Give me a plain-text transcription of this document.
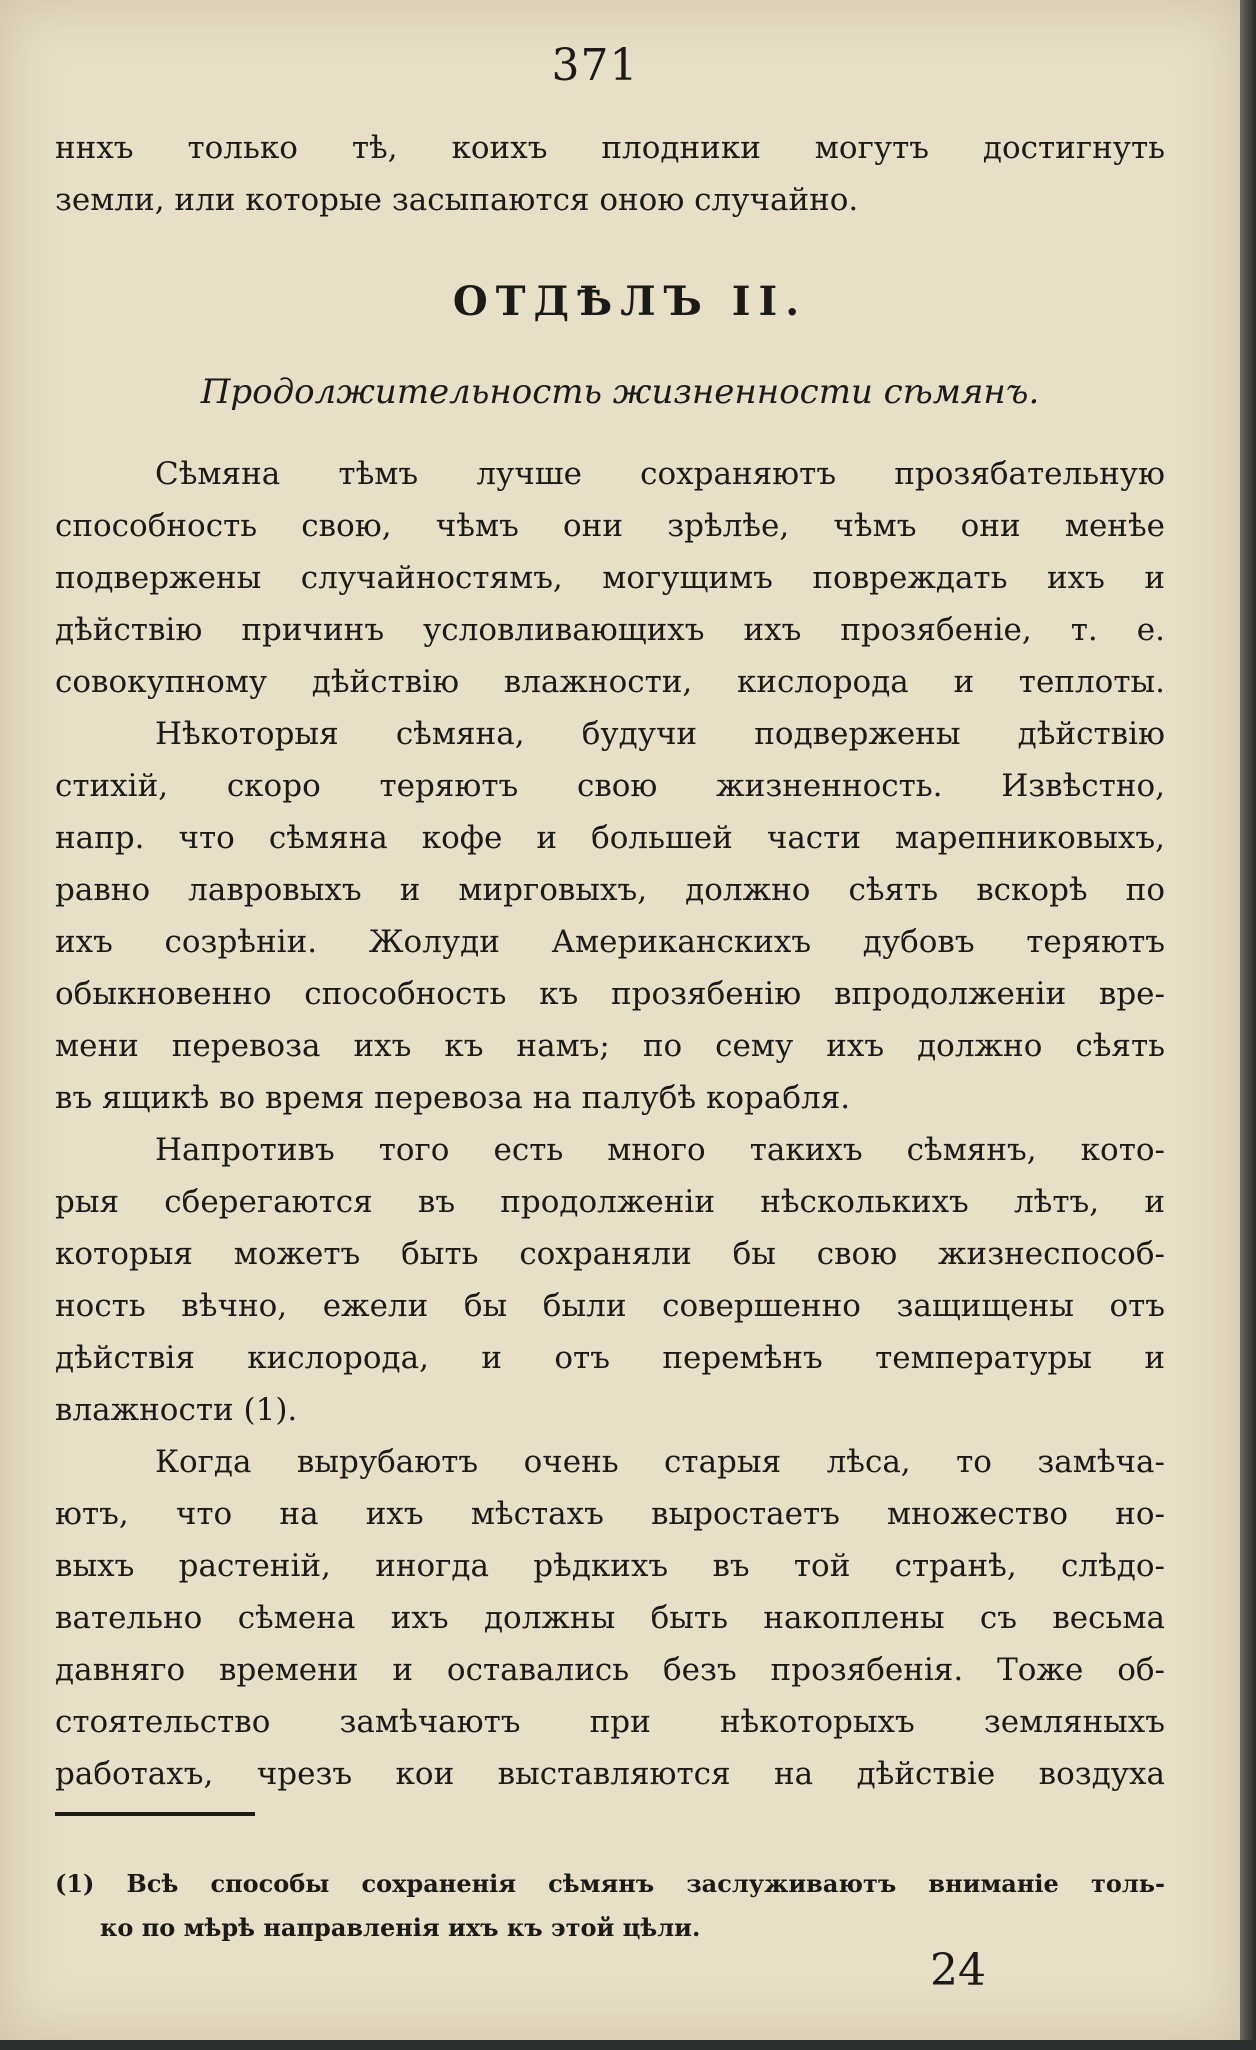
371
ннхъ только тѣ, коихъ плодники могутъ достигнуть
земли, или которые засыпаются оною случайно.
ОТДѢЛЪ II.
Продолжительность жизненности сѣмянъ.
Сѣмяна тѣмъ лучше сохраняютъ прозябательную
способность свою, чѣмъ они зрѣлѣе, чѣмъ они менѣе
подвержены случайностямъ, могущимъ повреждать ихъ и
дѣйствію причинъ условливающихъ ихъ прозябеніе, т. е.
совокупному дѣйствію влажности, кислорода и теплоты.
Нѣкоторыя сѣмяна, будучи подвержены дѣйствію
стихій, скоро теряютъ свою жизненность. Извѣстно,
напр. что сѣмяна кофе и большей части марепниковыхъ,
равно лавровыхъ и мирговыхъ, должно сѣять вскорѣ по
ихъ созрѣніи. Жолуди Американскихъ дубовъ теряютъ
обыкновенно способность къ прозябенію впродолженіи вре-
мени перевоза ихъ къ намъ; по сему ихъ должно сѣять
въ ящикѣ во время перевоза на палубѣ корабля.
Напротивъ того есть много такихъ сѣмянъ, кото-
рыя сберегаются въ продолженіи нѣсколькихъ лѣтъ, и
которыя можетъ быть сохраняли бы свою жизнеспособ-
ность вѣчно, ежели бы были совершенно защищены отъ
дѣйствія кислорода, и отъ перемѣнъ температуры и
влажности (1).
Когда вырубаютъ очень старыя лѣса, то замѣча-
ютъ, что на ихъ мѣстахъ выростаетъ множество но-
выхъ растеній, иногда рѣдкихъ въ той странѣ, слѣдо-
вательно сѣмена ихъ должны быть накоплены съ весьма
давняго времени и оставались безъ прозябенія. Тоже об-
стоятельство замѣчаютъ при нѣкоторыхъ земляныхъ
работахъ, чрезъ кои выставляются на дѣйствіе воздуха
(1) Всѣ способы сохраненія сѣмянъ заслуживаютъ вниманіе толь-
ко по мѣрѣ направленія ихъ къ этой цѣли.
24
